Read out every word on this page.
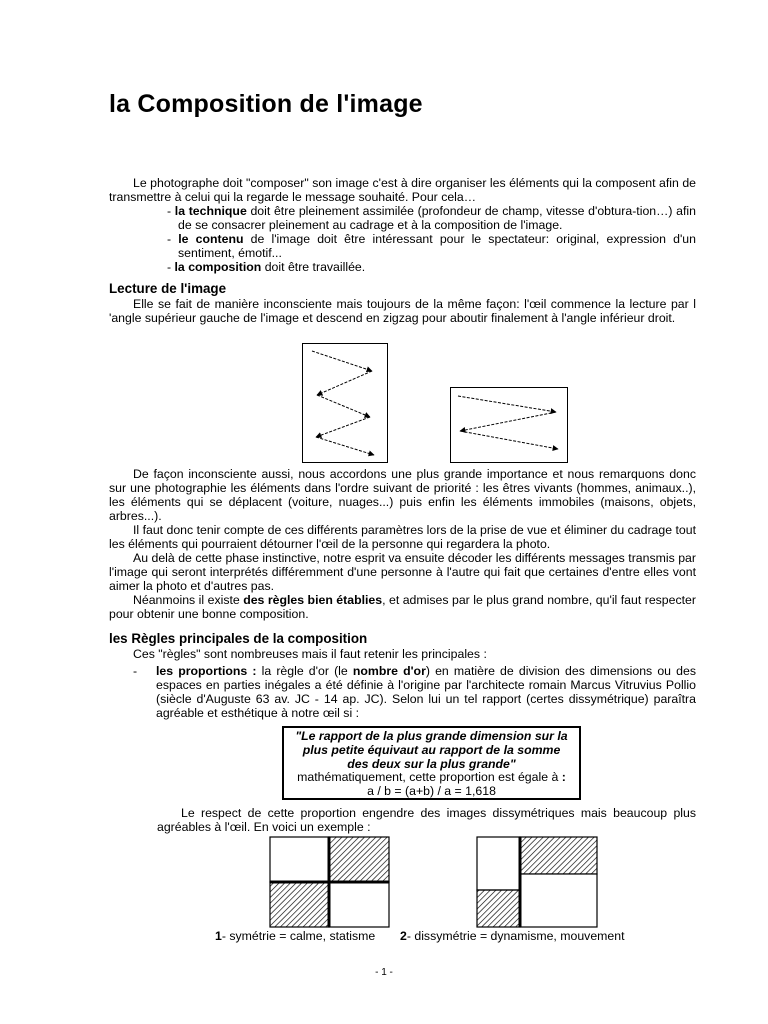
la Composition de l'image

Le photographe doit "composer" son image c'est à dire organiser les éléments qui la composent afin de transmettre à celui qui la regarde le message souhaité. Pour cela…

- la technique doit être pleinement assimilée (profondeur de champ, vitesse d'obtura-tion…) afin de se consacrer pleinement au cadrage et à la composition de l'image.
- le contenu de l'image doit être intéressant pour le spectateur: original, expression d'un sentiment, émotif...
- la composition doit être travaillée.

Lecture de l'image

Elle se fait de manière inconsciente mais toujours de la même façon: l'œil commence la lecture par l 'angle supérieur gauche de l'image et descend en zigzag pour aboutir finalement à l'angle inférieur droit.

De façon inconsciente aussi, nous accordons une plus grande importance et nous remarquons donc sur une photographie les éléments dans l'ordre suivant de priorité : les êtres vivants (hommes, animaux..), les éléments qui se déplacent (voiture, nuages...) puis enfin les éléments immobiles (maisons, objets, arbres...).

Il faut donc tenir compte de ces différents paramètres lors de la prise de vue et éliminer du cadrage tout les éléments qui pourraient détourner l'œil de la personne qui regardera la photo.

Au delà de cette phase instinctive, notre esprit va ensuite décoder les différents messages transmis par l'image qui seront interprétés différemment d'une personne à l'autre qui fait que certaines d'entre elles vont aimer la photo et d'autres pas.

Néanmoins il existe des règles bien établies, et admises par le plus grand nombre, qu'il faut respecter pour obtenir une bonne composition.

les Règles principales de la composition

Ces "règles" sont nombreuses mais il faut retenir les principales :

- les proportions : la règle d'or (le nombre d'or) en matière de division des dimensions ou des espaces en parties inégales a été définie à l'origine par l'architecte romain Marcus Vitruvius Pollio (siècle d'Auguste 63 av. JC - 14 ap. JC). Selon lui un tel rapport (certes dissymétrique) paraîtra agréable et esthétique à notre œil si :

"Le rapport de la plus grande dimension sur la
plus petite équivaut au rapport de la somme
des deux sur la plus grande"
mathématiquement, cette proportion est égale à :
a / b = (a+b) / a = 1,618

Le respect de cette proportion engendre des images dissymétriques mais beaucoup plus agréables à l'œil. En voici un exemple :

1- symétrie = calme, statisme 2- dissymétrie = dynamisme, mouvement
- 1 -
